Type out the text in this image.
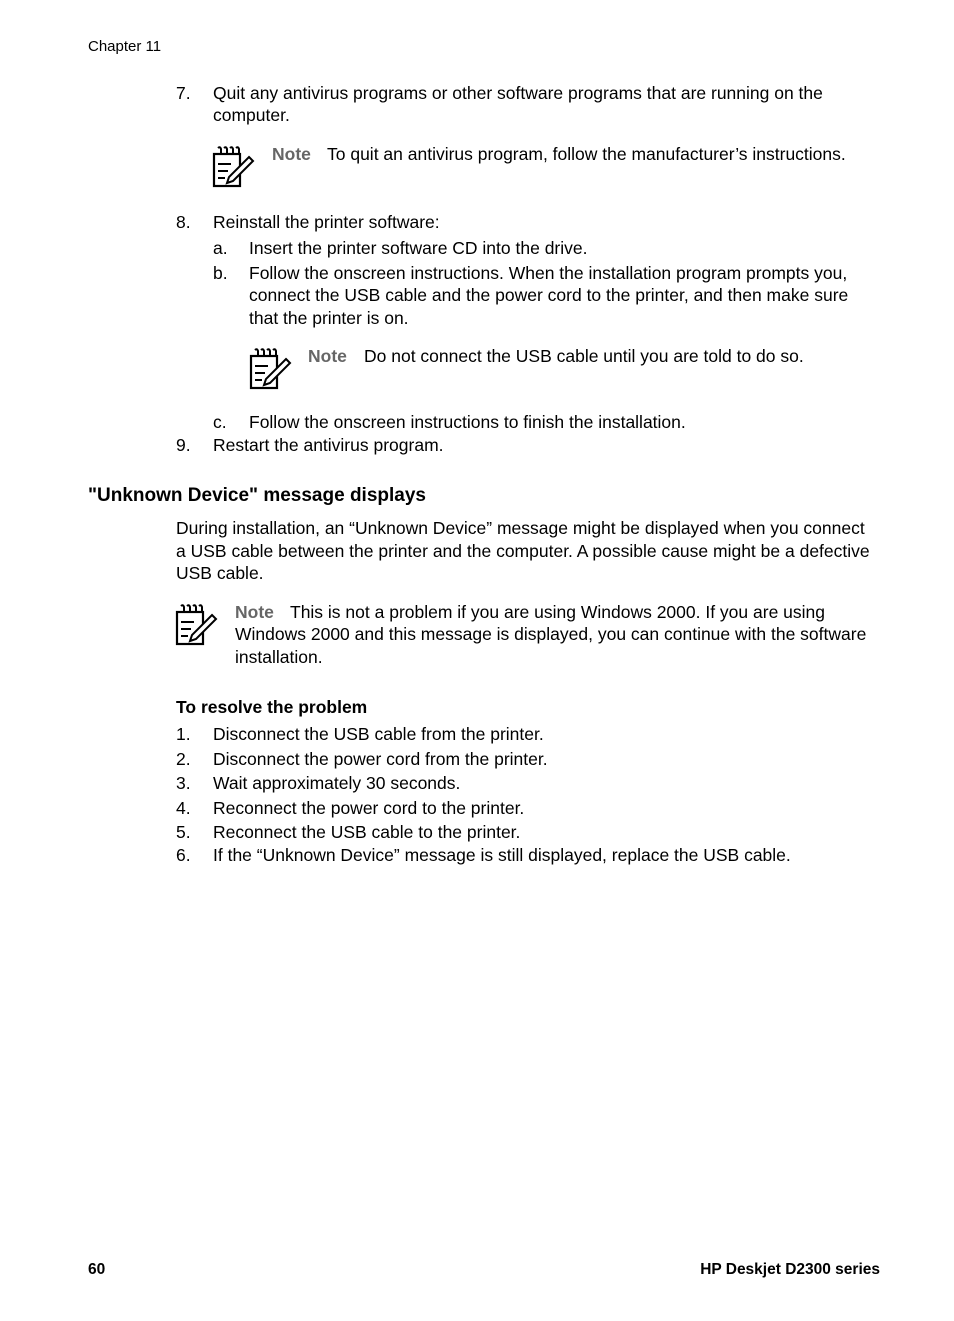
Chapter 11
7.	Quit any antivirus programs or other software programs that are running on the
computer.
Note To quit an antivirus program, follow the manufacturer’s instructions.
8.	Reinstall the printer software:
a. Insert the printer software CD into the drive.
b. Follow the onscreen instructions. When the installation program prompts you,
connect the USB cable and the power cord to the printer, and then make sure
that the printer is on.
Note Do not connect the USB cable until you are told to do so.
c. Follow the onscreen instructions to finish the installation.
9.	Restart the antivirus program.
"Unknown Device" message displays
During installation, an “Unknown Device” message might be displayed when you connect
a USB cable between the printer and the computer. A possible cause might be a defective
USB cable.
Note This is not a problem if you are using Windows 2000. If you are using
Windows 2000 and this message is displayed, you can continue with the software
installation.
To resolve the problem
1.	Disconnect the USB cable from the printer.
2.	Disconnect the power cord from the printer.
3.	Wait approximately 30 seconds.
4.	Reconnect the power cord to the printer.
5.	Reconnect the USB cable to the printer.
6.	If the “Unknown Device” message is still displayed, replace the USB cable.
60	HP Deskjet D2300 series
